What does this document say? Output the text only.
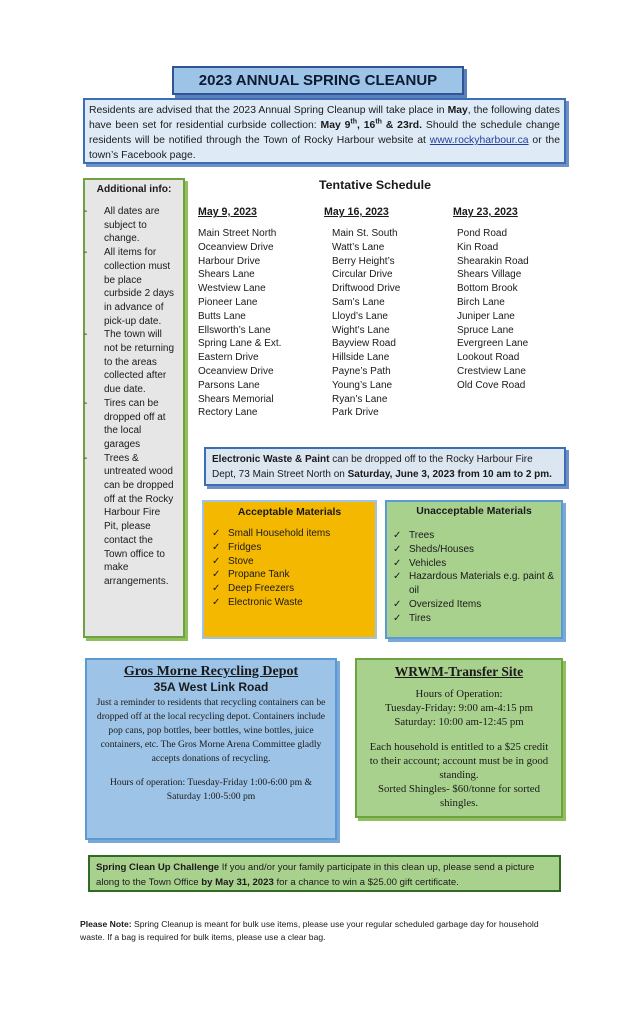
2023 ANNUAL SPRING CLEANUP
Residents are advised that the 2023 Annual Spring Cleanup will take place in May, the following dates have been set for residential curbside collection: May 9th, 16th & 23rd. Should the schedule change residents will be notified through the Town of Rocky Harbour website at www.rockyharbour.ca or the town’s Facebook page.
Additional info:
- All dates are subject to change.
- All items for collection must be place curbside 2 days in advance of pick-up date.
- The town will not be returning to the areas collected after due date.
- Tires can be dropped off at the local garages
- Trees & untreated wood can be dropped off at the Rocky Harbour Fire Pit, please contact the Town office to make arrangements.
Tentative Schedule
May 9, 2023
Main Street North
Oceanview Drive
Harbour Drive
Shears Lane
Westview Lane
Pioneer Lane
Butts Lane
Ellsworth’s Lane
Spring Lane & Ext.
Eastern Drive
Oceanview Drive
Parsons Lane
Shears Memorial
Rectory Lane
May 16, 2023
Main St. South
Watt’s Lane
Berry Height’s
Circular Drive
Driftwood Drive
Sam’s Lane
Lloyd’s Lane
Wight’s Lane
Bayview Road
Hillside Lane
Payne’s Path
Young’s Lane
Ryan’s Lane
Park Drive
May 23, 2023
Pond Road
Kin Road
Shearakin Road
Shears Village
Bottom Brook
Birch Lane
Juniper Lane
Spruce Lane
Evergreen Lane
Lookout Road
Crestview Lane
Old Cove Road
Electronic Waste & Paint can be dropped off to the Rocky Harbour Fire Dept, 73 Main Street North on Saturday, June 3, 2023 from 10 am to 2 pm.
Acceptable Materials
✓ Small Household items
✓ Fridges
✓ Stove
✓ Propane Tank
✓ Deep Freezers
✓ Electronic Waste
Unacceptable Materials
✓ Trees
✓ Sheds/Houses
✓ Vehicles
✓ Hazardous Materials e.g. paint & oil
✓ Oversized Items
✓ Tires
Gros Morne Recycling Depot
35A West Link Road
Just a reminder to residents that recycling containers can be dropped off at the local recycling depot. Containers include pop cans, pop bottles, beer bottles, wine bottles, juice containers, etc. The Gros Morne Arena Committee gladly accepts donations of recycling.
Hours of operation: Tuesday-Friday 1:00-6:00 pm & Saturday 1:00-5:00 pm
WRWM-Transfer Site
Hours of Operation:
Tuesday-Friday: 9:00 am-4:15 pm
Saturday: 10:00 am-12:45 pm
Each household is entitled to a $25 credit to their account; account must be in good standing.
Sorted Shingles- $60/tonne for sorted shingles.
Spring Clean Up Challenge If you and/or your family participate in this clean up, please send a picture along to the Town Office by May 31, 2023 for a chance to win a $25.00 gift certificate.
Please Note: Spring Cleanup is meant for bulk use items, please use your regular scheduled garbage day for household waste. If a bag is required for bulk items, please use a clear bag.
